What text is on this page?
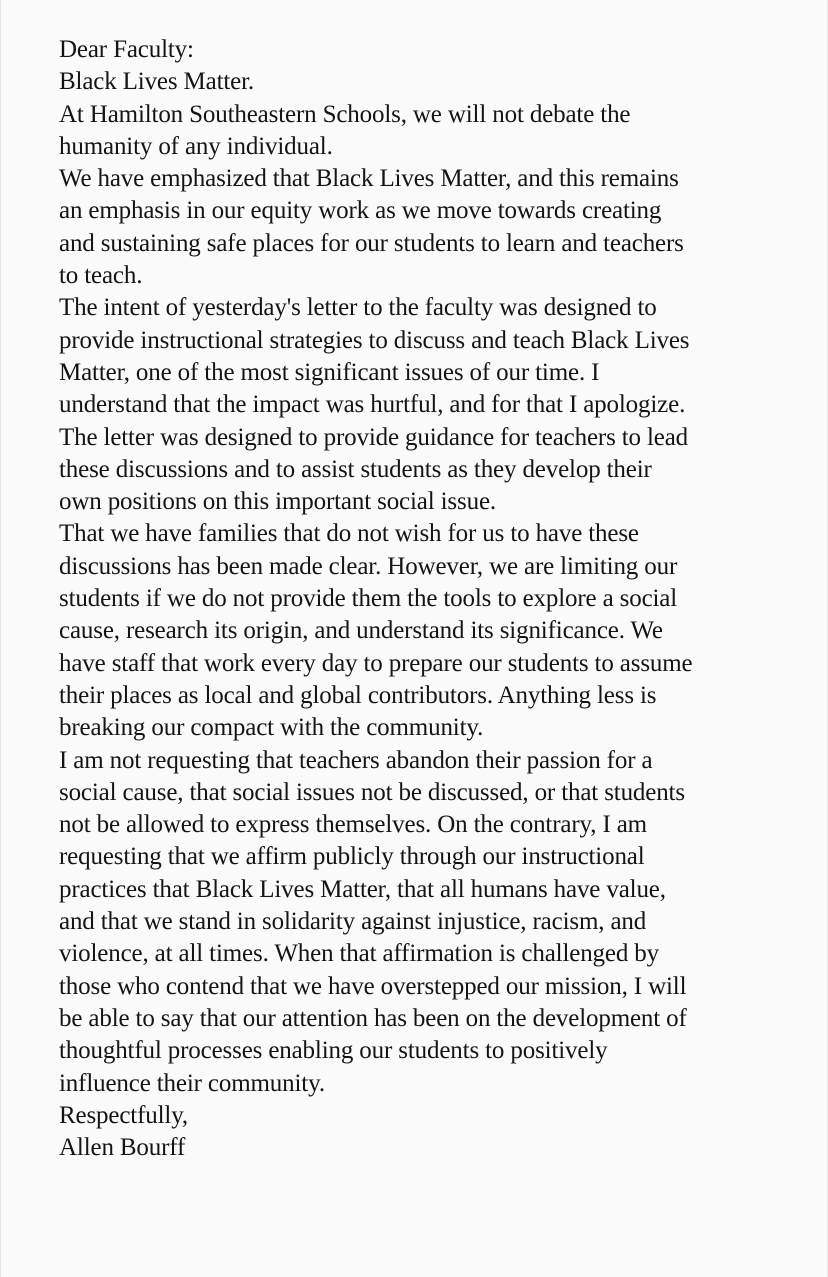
Dear Faculty:
Black Lives Matter.
At Hamilton Southeastern Schools, we will not debate the
humanity of any individual.
We have emphasized that Black Lives Matter, and this remains
an emphasis in our equity work as we move towards creating
and sustaining safe places for our students to learn and teachers
to teach.
The intent of yesterday's letter to the faculty was designed to
provide instructional strategies to discuss and teach Black Lives
Matter, one of the most significant issues of our time. I
understand that the impact was hurtful, and for that I apologize.
The letter was designed to provide guidance for teachers to lead
these discussions and to assist students as they develop their
own positions on this important social issue.
That we have families that do not wish for us to have these
discussions has been made clear. However, we are limiting our
students if we do not provide them the tools to explore a social
cause, research its origin, and understand its significance. We
have staff that work every day to prepare our students to assume
their places as local and global contributors. Anything less is
breaking our compact with the community.
I am not requesting that teachers abandon their passion for a
social cause, that social issues not be discussed, or that students
not be allowed to express themselves. On the contrary, I am
requesting that we affirm publicly through our instructional
practices that Black Lives Matter, that all humans have value,
and that we stand in solidarity against injustice, racism, and
violence, at all times. When that affirmation is challenged by
those who contend that we have overstepped our mission, I will
be able to say that our attention has been on the development of
thoughtful processes enabling our students to positively
influence their community.
Respectfully,
Allen Bourff
